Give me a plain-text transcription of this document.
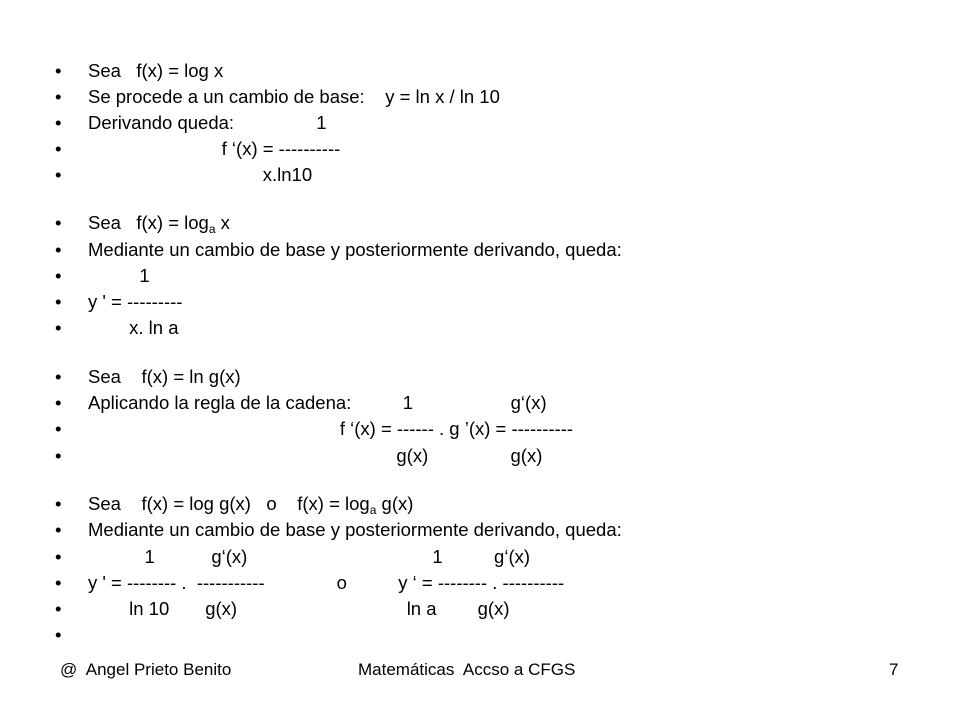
•

	Sea   f(x) = log x

•

	Se procede a un cambio de base:    y = ln x / ln 10

•

	Derivando queda:                1

•

	f ‘(x) = ----------

•

	x.ln10

•

	Sea   $f(x) = \log_a x$

•

	Mediante un cambio de base y posteriormente derivando, queda:

•

	1

•

	y ' = ---------

•

	x. ln a

•

	Sea    f(x) = ln g(x)

•

	Aplicando la regla de la cadena:          1                   g‘(x)

•

	f ‘(x) = ------ . g ’(x) = ----------

•

	g(x)                g(x)

•

	Sea    f(x) = log g(x)   o    $f(x) = \log_a g(x)$

•

	Mediante un cambio de base y posteriormente derivando, queda:

•

	1           g‘(x)                                    1          g‘(x)

•

	y ' = -------- .  -----------              o          y ‘ = -------- . ----------

•

	ln 10       g(x)                                 ln a        g(x)

•

@  Angel Prieto Benito	Matemáticas  Accso a CFGS	7
